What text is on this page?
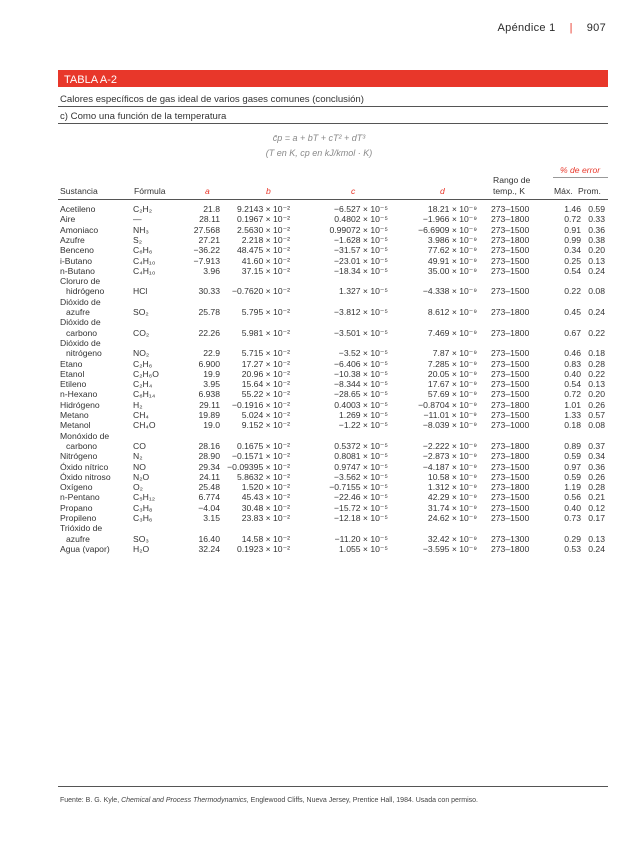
Apéndice 1 | 907
TABLA A-2
Calores específicos de gas ideal de varios gases comunes (conclusión)
c) Como una función de la temperatura
c̄p = a + bT + cT² + dT³
(T en K, cp en kJ/kmol · K)
% de error
Rango de
Sustancia	Fórmula	a	b	c	d	temp., K	Máx. Prom.
Acetileno	C₂H₂	21.8 9.2143 × 10⁻²	−6.527 × 10⁻⁵	18.21 × 10⁻⁹ 273–1500	1.46 0.59
Aire	—	28.11 0.1967 × 10⁻²	0.4802 × 10⁻⁵	−1.966 × 10⁻⁹ 273–1800	0.72 0.33
Amoniaco	NH₃	27.568 2.5630 × 10⁻²	0.99072 × 10⁻⁵	−6.6909 × 10⁻⁹ 273–1500	0.91 0.36
Azufre	S₂	27.21	2.218 × 10⁻²	−1.628 × 10⁻⁵	3.986 × 10⁻⁹ 273–1800	0.99 0.38
Benceno	C₆H₆	−36.22 48.475 × 10⁻²	−31.57 × 10⁻⁵	77.62 × 10⁻⁹ 273–1500	0.34 0.20
i-Butano	C₄H₁₀	−7.913	41.60 × 10⁻²	−23.01 × 10⁻⁵	49.91 × 10⁻⁹ 273–1500	0.25 0.13
n-Butano	C₄H₁₀	3.96	37.15 × 10⁻²	−18.34 × 10⁻⁵	35.00 × 10⁻⁹ 273–1500	0.54 0.24
Cloruro de
hidrógeno	HCl	30.33 −0.7620 × 10⁻²	1.327 × 10⁻⁵	−4.338 × 10⁻⁹ 273–1500	0.22 0.08
Dióxido de
azufre	SO₂	25.78	5.795 × 10⁻²	−3.812 × 10⁻⁵	8.612 × 10⁻⁹ 273–1800	0.45 0.24
Dióxido de
carbono	CO₂	22.26	5.981 × 10⁻²	−3.501 × 10⁻⁵	7.469 × 10⁻⁹ 273–1800	0.67 0.22
Dióxido de
nitrógeno	NO₂	22.9	5.715 × 10⁻²	−3.52 × 10⁻⁵	7.87 × 10⁻⁹ 273–1500	0.46 0.18
Etano	C₂H₆	6.900	17.27 × 10⁻²	−6.406 × 10⁻⁵	7.285 × 10⁻⁹ 273–1500	0.83 0.28
Etanol	C₂H₆O	19.9	20.96 × 10⁻²	−10.38 × 10⁻⁵	20.05 × 10⁻⁹ 273–1500	0.40 0.22
Etileno	C₂H₄	3.95	15.64 × 10⁻²	−8.344 × 10⁻⁵	17.67 × 10⁻⁹ 273–1500	0.54 0.13
n-Hexano	C₆H₁₄	6.938	55.22 × 10⁻²	−28.65 × 10⁻⁵	57.69 × 10⁻⁹ 273–1500	0.72 0.20
Hidrógeno	H₂	29.11 −0.1916 × 10⁻²	0.4003 × 10⁻⁵	−0.8704 × 10⁻⁹ 273–1800	1.01 0.26
Metano	CH₄	19.89	5.024 × 10⁻²	1.269 × 10⁻⁵	−11.01 × 10⁻⁹ 273–1500	1.33 0.57
Metanol	CH₄O	19.0	9.152 × 10⁻²	−1.22 × 10⁻⁵	−8.039 × 10⁻⁹ 273–1000	0.18 0.08
Monóxido de
carbono	CO	28.16 0.1675 × 10⁻²	0.5372 × 10⁻⁵	−2.222 × 10⁻⁹ 273–1800	0.89 0.37
Nitrógeno	N₂	28.90 −0.1571 × 10⁻²	0.8081 × 10⁻⁵	−2.873 × 10⁻⁹ 273–1800	0.59 0.34
Óxido nítrico	NO	29.34 −0.09395 × 10⁻²	0.9747 × 10⁻⁵	−4.187 × 10⁻⁹ 273–1500	0.97 0.36
Óxido nitroso	N₂O	24.11 5.8632 × 10⁻²	−3.562 × 10⁻⁵	10.58 × 10⁻⁹ 273–1500	0.59 0.26
Oxígeno	O₂	25.48	1.520 × 10⁻²	−0.7155 × 10⁻⁵	1.312 × 10⁻⁹ 273–1800	1.19 0.28
n-Pentano	C₅H₁₂	6.774	45.43 × 10⁻²	−22.46 × 10⁻⁵	42.29 × 10⁻⁹ 273–1500	0.56 0.21
Propano	C₃H₈	−4.04	30.48 × 10⁻²	−15.72 × 10⁻⁵	31.74 × 10⁻⁹ 273–1500	0.40 0.12
Propileno	C₃H₆	3.15	23.83 × 10⁻²	−12.18 × 10⁻⁵	24.62 × 10⁻⁹ 273–1500	0.73 0.17
Trióxido de
azufre	SO₃	16.40	14.58 × 10⁻²	−11.20 × 10⁻⁵	32.42 × 10⁻⁹ 273–1300	0.29 0.13
Agua (vapor)	H₂O	32.24 0.1923 × 10⁻²	1.055 × 10⁻⁵	−3.595 × 10⁻⁹ 273–1800	0.53 0.24
Fuente: B. G. Kyle, Chemical and Process Thermodynamics, Englewood Cliffs, Nueva Jersey, Prentice Hall, 1984. Usada con permiso.
